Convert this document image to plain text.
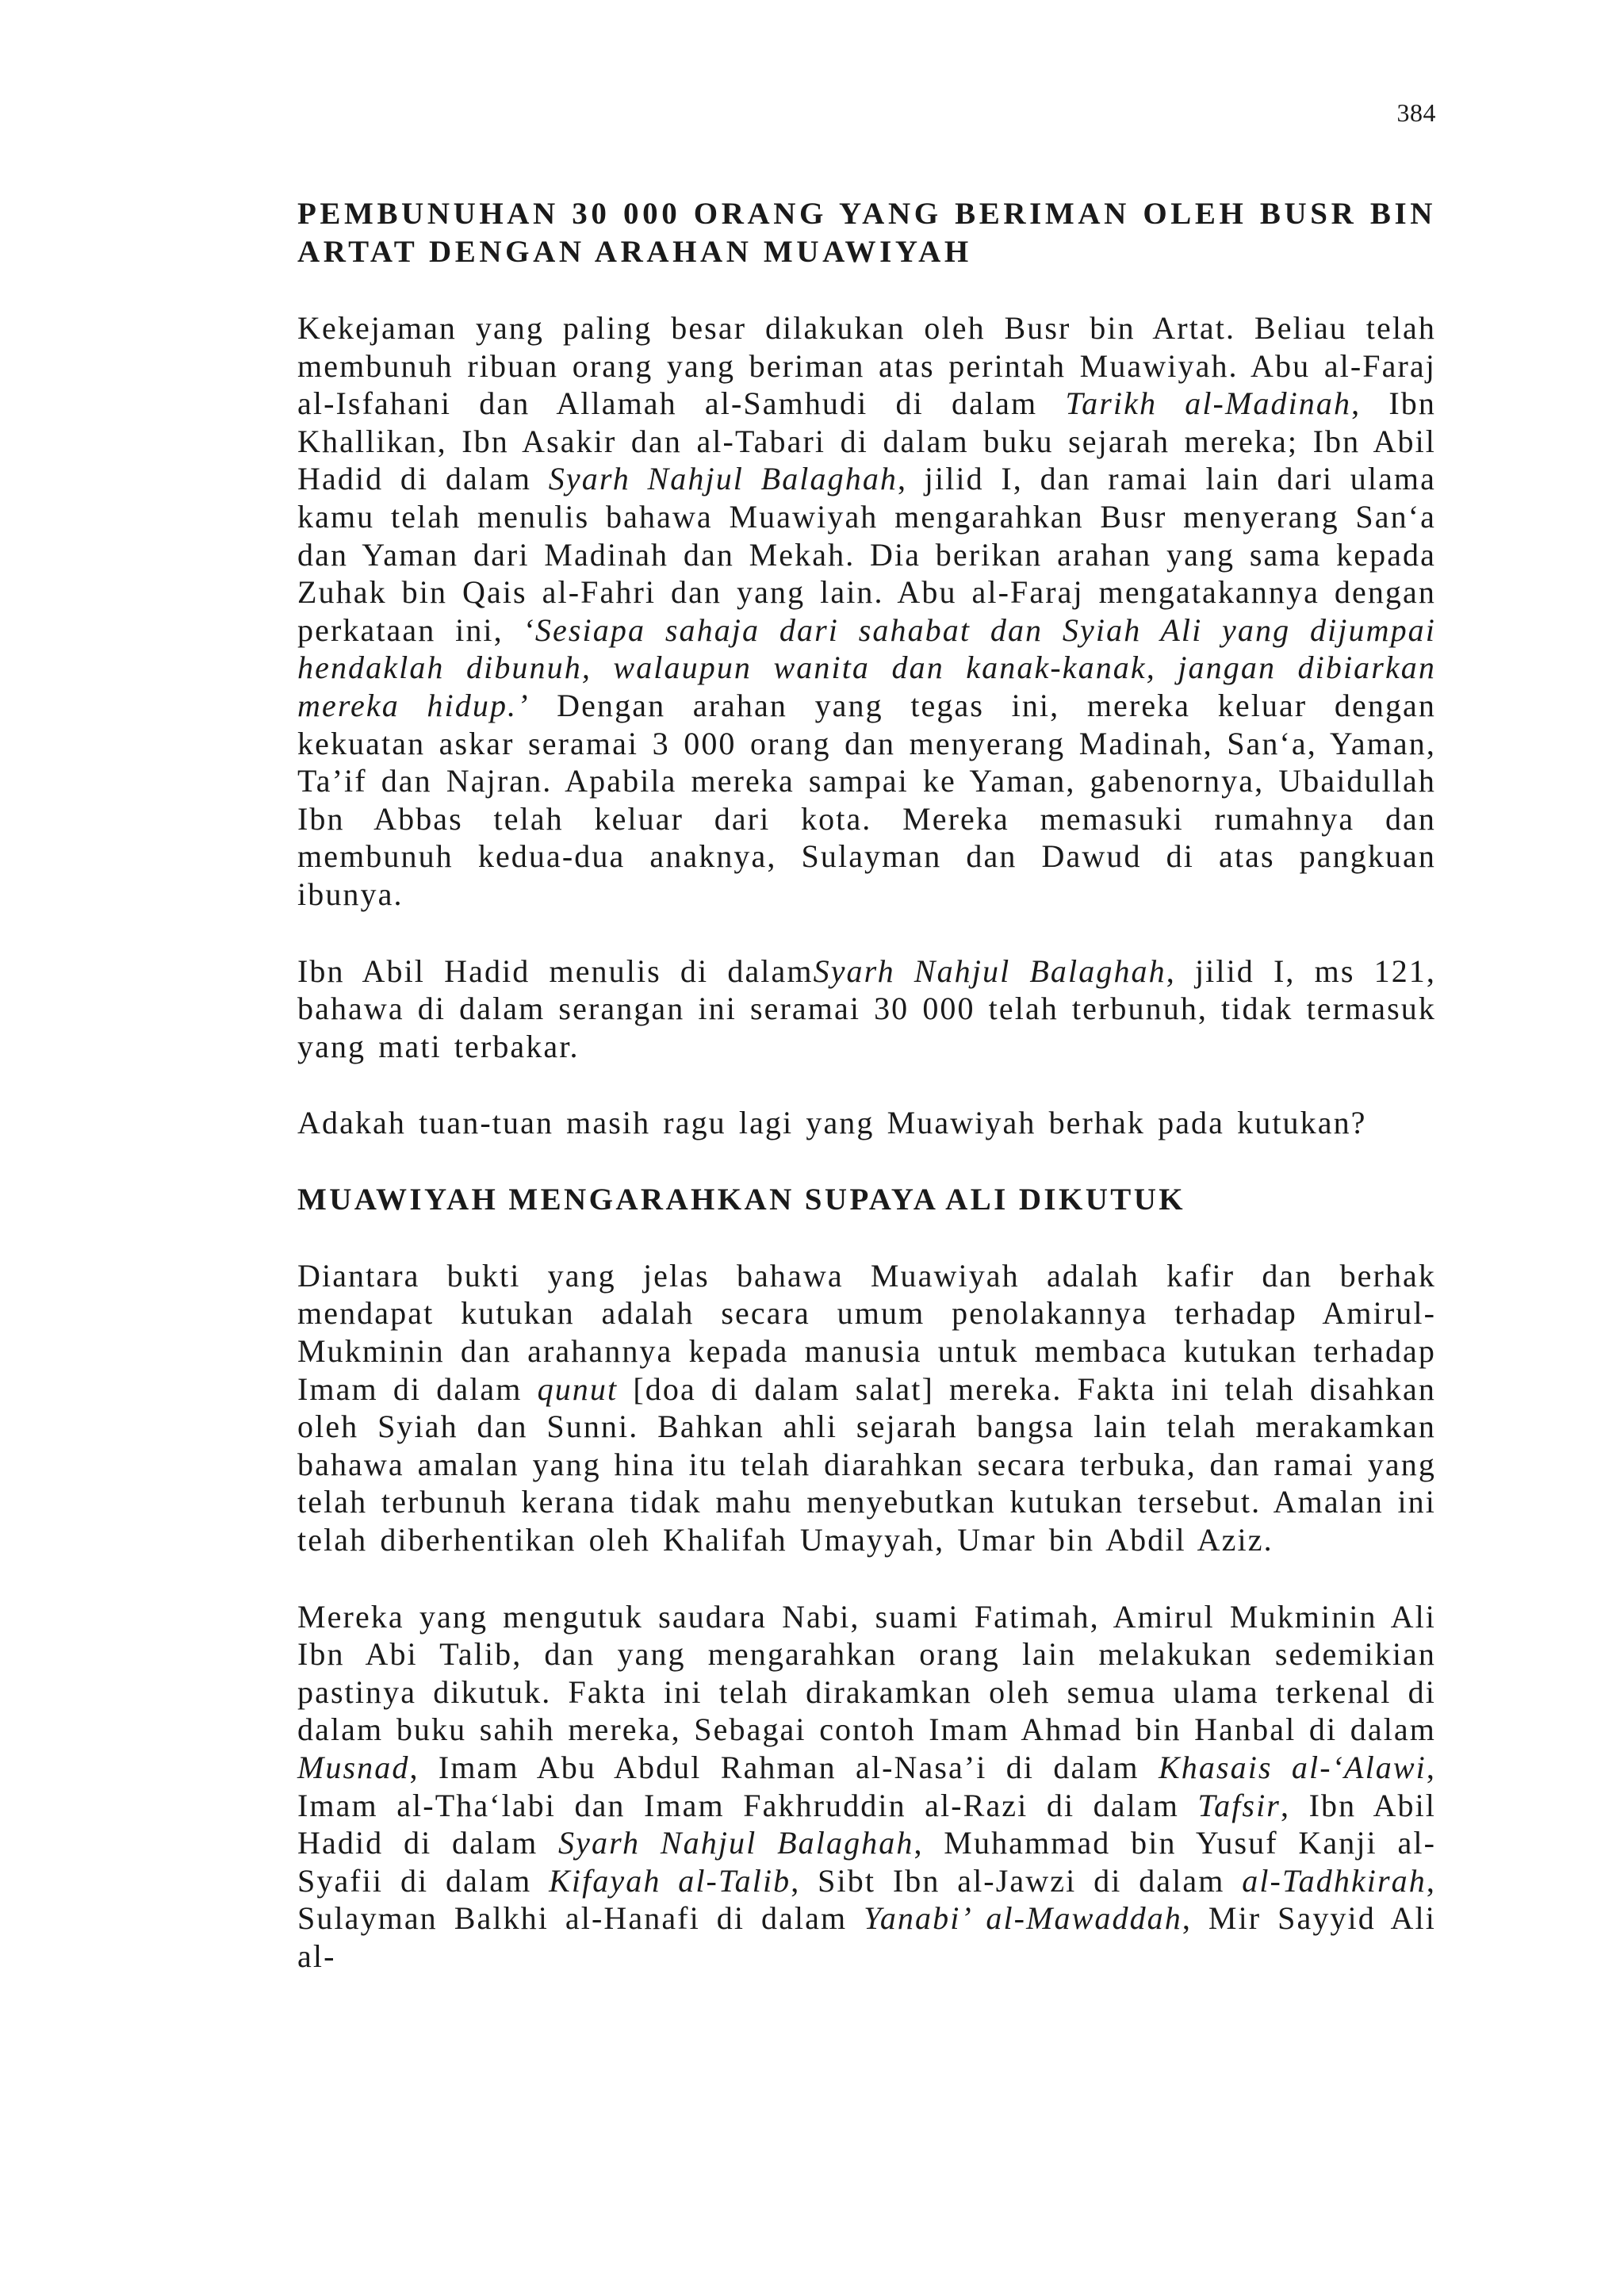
384
PEMBUNUHAN 30 000 ORANG YANG BERIMAN OLEH BUSR BIN ARTAT DENGAN ARAHAN MUAWIYAH

Kekejaman yang paling besar dilakukan oleh Busr bin Artat. Beliau telah membunuh ribuan orang yang beriman atas perintah Muawiyah. Abu al-Faraj al-Isfahani dan Allamah al-Samhudi di dalam Tarikh al-Madinah, Ibn Khallikan, Ibn Asakir dan al-Tabari di dalam buku sejarah mereka; Ibn Abil Hadid di dalam Syarh Nahjul Balaghah, jilid I, dan ramai lain dari ulama kamu telah menulis bahawa Muawiyah mengarahkan Busr menyerang San‘a dan Yaman dari Madinah dan Mekah. Dia berikan arahan yang sama kepada Zuhak bin Qais al-Fahri dan yang lain. Abu al-Faraj mengatakannya dengan perkataan ini, ‘Sesiapa sahaja dari sahabat dan Syiah Ali yang dijumpai hendaklah dibunuh, walaupun wanita dan kanak-kanak, jangan dibiarkan mereka hidup.’ Dengan arahan yang tegas ini, mereka keluar dengan kekuatan askar seramai 3 000 orang dan menyerang Madinah, San‘a, Yaman, Ta’if dan Najran. Apabila mereka sampai ke Yaman, gabenornya, Ubaidullah Ibn Abbas telah keluar dari kota. Mereka memasuki rumahnya dan membunuh kedua-dua anaknya, Sulayman dan Dawud di atas pangkuan ibunya.

Ibn Abil Hadid menulis di dalamSyarh Nahjul Balaghah, jilid I, ms 121, bahawa di dalam serangan ini seramai 30 000 telah terbunuh, tidak termasuk yang mati terbakar.

Adakah tuan-tuan masih ragu lagi yang Muawiyah berhak pada kutukan?

MUAWIYAH MENGARAHKAN SUPAYA ALI DIKUTUK

Diantara bukti yang jelas bahawa Muawiyah adalah kafir dan berhak mendapat kutukan adalah secara umum penolakannya terhadap Amirul-Mukminin dan arahannya kepada manusia untuk membaca kutukan terhadap Imam di dalam qunut [doa di dalam salat] mereka. Fakta ini telah disahkan oleh Syiah dan Sunni. Bahkan ahli sejarah bangsa lain telah merakamkan bahawa amalan yang hina itu telah diarahkan secara terbuka, dan ramai yang telah terbunuh kerana tidak mahu menyebutkan kutukan tersebut. Amalan ini telah diberhentikan oleh Khalifah Umayyah, Umar bin Abdil Aziz.

Mereka yang mengutuk saudara Nabi, suami Fatimah, Amirul Mukminin Ali Ibn Abi Talib, dan yang mengarahkan orang lain melakukan sedemikian pastinya dikutuk. Fakta ini telah dirakamkan oleh semua ulama terkenal di dalam buku sahih mereka, Sebagai contoh Imam Ahmad bin Hanbal di dalam Musnad, Imam Abu Abdul Rahman al-Nasa’i di dalam Khasais al-‘Alawi, Imam al-Tha‘labi dan Imam Fakhruddin al-Razi di dalam Tafsir, Ibn Abil Hadid di dalam Syarh Nahjul Balaghah, Muhammad bin Yusuf Kanji al-Syafii di dalam Kifayah al-Talib, Sibt Ibn al-Jawzi di dalam al-Tadhkirah, Sulayman Balkhi al-Hanafi di dalam Yanabi’ al-Mawaddah, Mir Sayyid Ali al-
